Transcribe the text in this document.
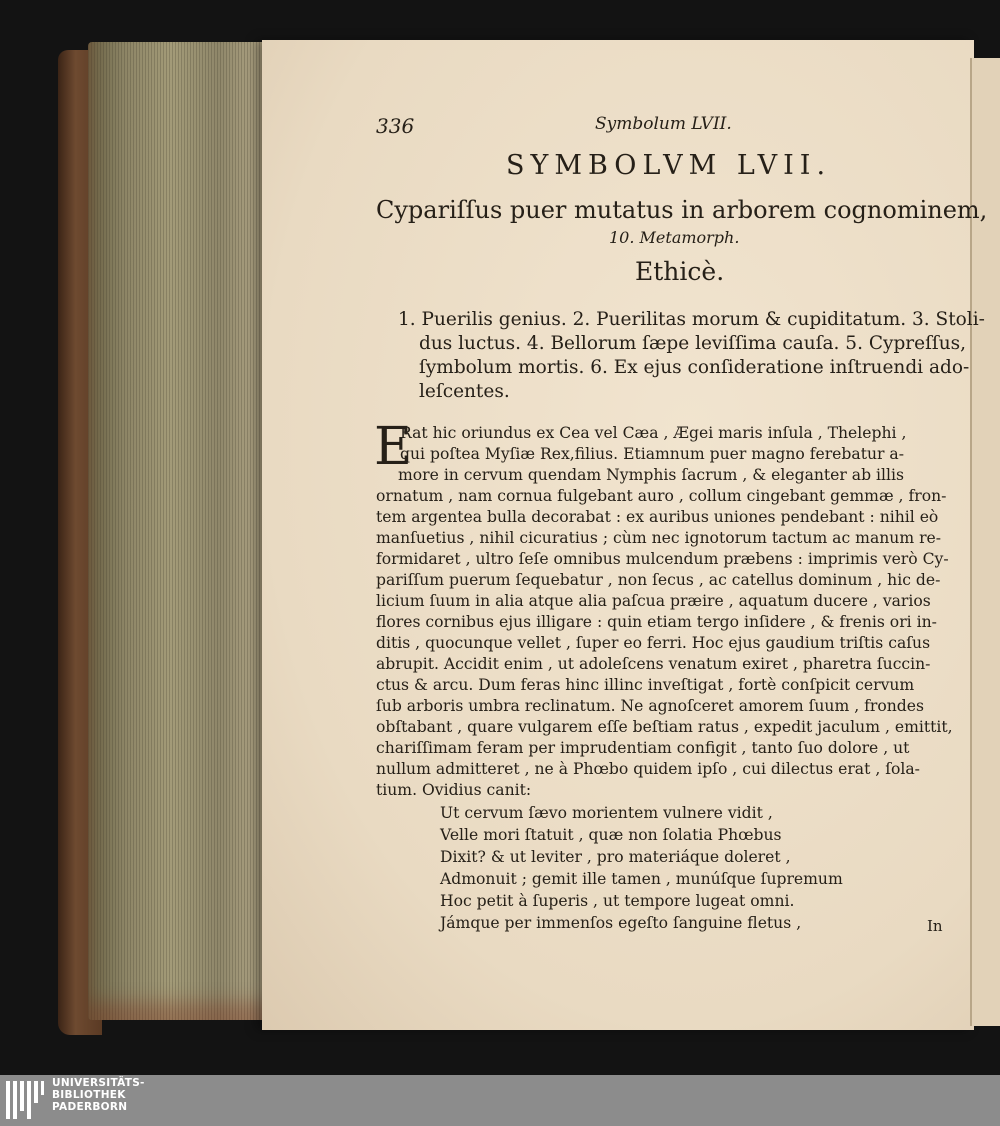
336	Symbolum LVII.
SYMBOLVM LVII.
Cypariſſus puer mutatus in arborem cognominem,
10. Metamorph.
Ethicè.
1. Puerilis genius. 2. Puerilitas morum & cupiditatum. 3. Stoli-
dus luctus. 4. Bellorum ſæpe leviſſima cauſa. 5. Cypreſſus,
ſymbolum mortis. 6. Ex ejus conſideratione inſtruendi ado-
leſcentes.
E
Rat hic oriundus ex Cea vel Cæa , Ægei maris inſula , Thelephi ,
qui poſtea Myſiæ Rex,filius. Etiamnum puer magno ferebatur a-
more in cervum quendam Nymphis ſacrum , & eleganter ab illis
ornatum , nam cornua fulgebant auro , collum cingebant gemmæ , fron-
tem argentea bulla decorabat : ex auribus uniones pendebant : nihil eò
manſuetius , nihil cicuratius ; cùm nec ignotorum tactum ac manum re-
formidaret , ultro ſeſe omnibus mulcendum præbens : imprimis verò Cy-
pariſſum puerum ſequebatur , non ſecus , ac catellus dominum , hic de-
licium ſuum in alia atque alia paſcua præire , aquatum ducere , varios
flores cornibus ejus illigare : quin etiam tergo inſidere , & frenis ori in-
ditis , quocunque vellet , ſuper eo ferri. Hoc ejus gaudium triſtis caſus
abrupit. Accidit enim , ut adoleſcens venatum exiret , pharetra ſuccin-
ctus & arcu. Dum feras hinc illinc inveſtigat , fortè conſpicit cervum
ſub arboris umbra reclinatum. Ne agnoſceret amorem ſuum , frondes
obſtabant , quare vulgarem eſſe beſtiam ratus , expedit jaculum , emittit,
chariſſimam feram per imprudentiam configit , tanto ſuo dolore , ut
nullum admitteret , ne à Phœbo quidem ipſo , cui dilectus erat , ſola-
tium. Ovidius canit:
Ut cervum ſævo morientem vulnere vidit ,
Velle mori ſtatuit , quæ non ſolatia Phœbus
Dixit? & ut leviter , pro materiáque doleret ,
Admonuit ; gemit ille tamen , munúſque ſupremum
Hoc petit à ſuperis , ut tempore lugeat omni.
Jámque per immenſos egeſto ſanguine fletus ,	In
UNIVERSITÄTS-
BIBLIOTHEK
PADERBORN
